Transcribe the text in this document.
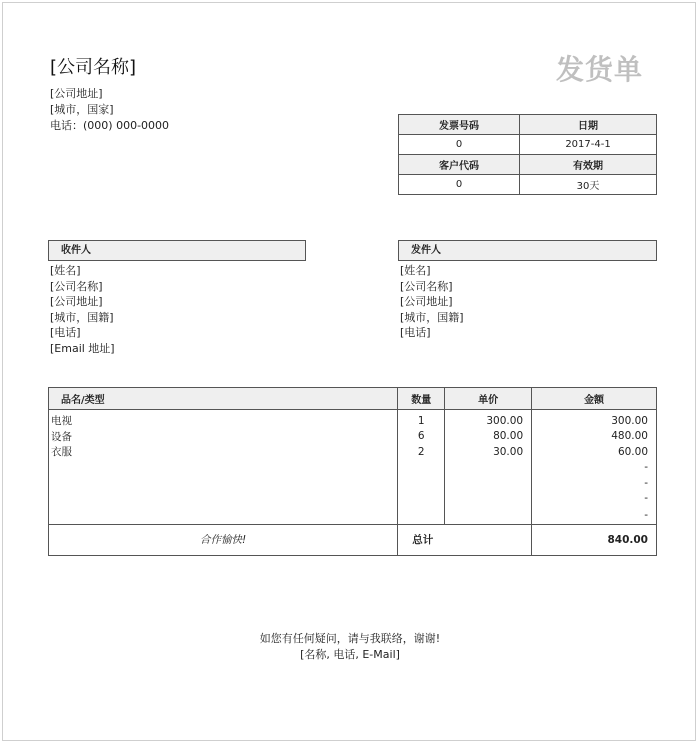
[公司名称]
[公司地址]
[城市，国家]
电话：(000) 000-0000
发货单
发票号码	日期
0	2017-4-1
客户代码	有效期
0	30天
收件人
[姓名]
[公司名称]
[公司地址]
[城市，国籍]
[电话]
[Email 地址]
发件人
[姓名]
[公司名称]
[公司地址]
[城市，国籍]
[电话]
品名/类型	数量	单价	金额
电视	1	300.00	300.00
设备	6	80.00	480.00
衣服	2	30.00	60.00
			-
			-
			-
			-
合作愉快!	总计		840.00
如您有任何疑问，请与我联络，谢谢!
[名称, 电话, E-Mail]
